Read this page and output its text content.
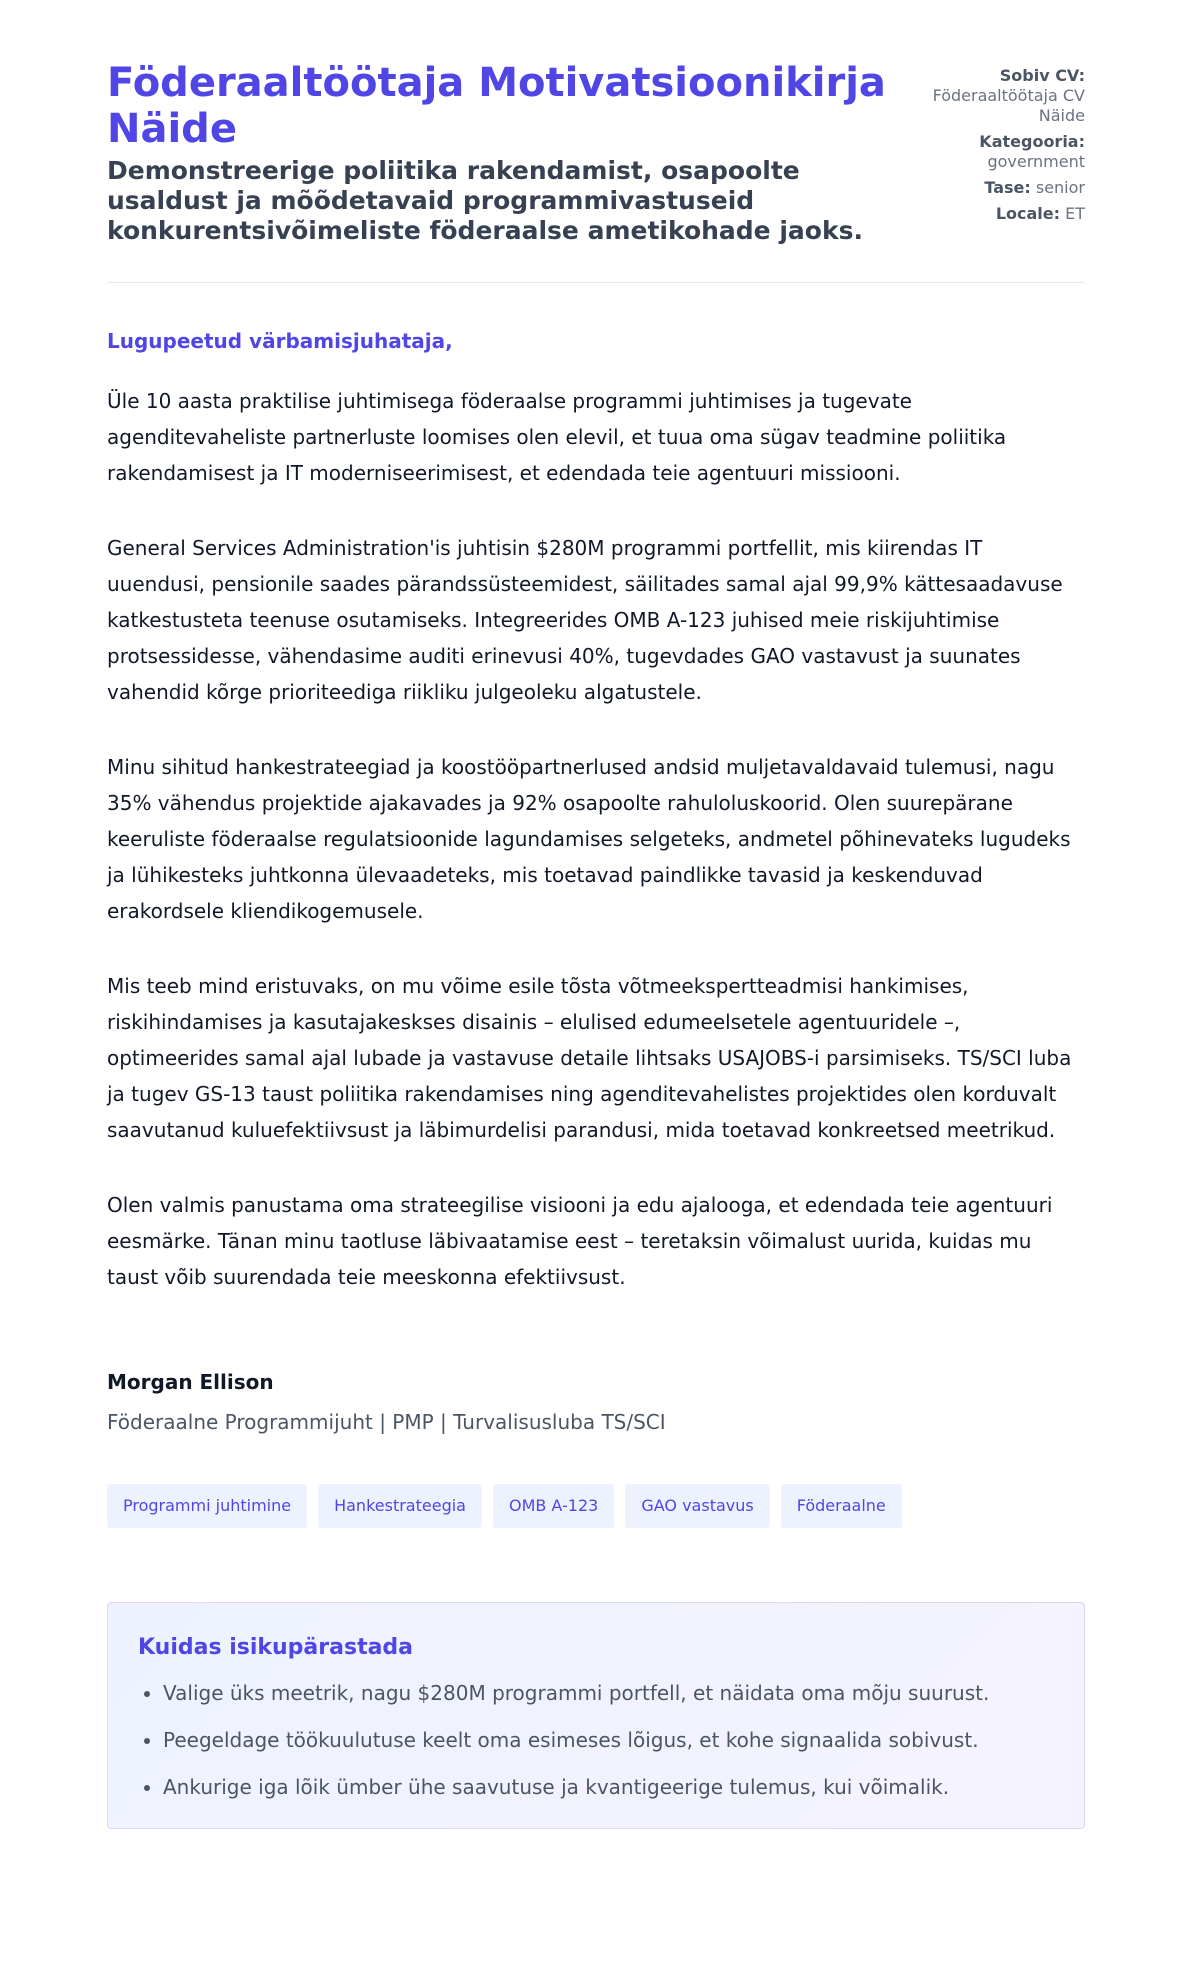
Föderaaltöötaja Motivatsioonikirja Näide
Demonstreerige poliitika rakendamist, osapoolte usaldust ja mõõdetavaid programmivastuseid konkurentsivõimeliste föderaalse ametikohade jaoks.
Sobiv CV:
Föderaaltöötaja CV Näide
Kategooria:
government
Tase: senior
Locale: ET
Lugupeetud värbamisjuhataja,

Üle 10 aasta praktilise juhtimisega föderaalse programmi juhtimises ja tugevate agenditevaheliste partnerluste loomises olen elevil, et tuua oma sügav teadmine poliitika rakendamisest ja IT moderniseerimisest, et edendada teie agentuuri missiooni.

General Services Administration'is juhtisin $280M programmi portfellit, mis kiirendas IT uuendusi, pensionile saades pärandssüsteemidest, säilitades samal ajal 99,9% kättesaadavuse katkestusteta teenuse osutamiseks. Integreerides OMB A-123 juhised meie riskijuhtimise protsessidesse, vähendasime auditi erinevusi 40%, tugevdades GAO vastavust ja suunates vahendid kõrge prioriteediga riikliku julgeoleku algatustele.

Minu sihitud hankestrateegiad ja koostööpartnerlused andsid muljetavaldavaid tulemusi, nagu 35% vähendus projektide ajakavades ja 92% osapoolte rahuloluskoorid. Olen suurepärane keeruliste föderaalse regulatsioonide lagundamises selgeteks, andmetel põhinevateks lugudeks ja lühikesteks juhtkonna ülevaadeteks, mis toetavad paindlikke tavasid ja keskenduvad erakordsele kliendikogemusele.

Mis teeb mind eristuvaks, on mu võime esile tõsta võtmeekspertteadmisi hankimises, riskihindamises ja kasutajakeskses disainis – elulised edumeelsetele agentuuridele –, optimeerides samal ajal lubade ja vastavuse detaile lihtsaks USAJOBS-i parsimiseks. TS/SCI luba ja tugev GS-13 taust poliitika rakendamises ning agenditevahelistes projektides olen korduvalt saavutanud kuluefektiivsust ja läbimurdelisi parandusi, mida toetavad konkreetsed meetrikud.

Olen valmis panustama oma strateegilise visiooni ja edu ajalooga, et edendada teie agentuuri eesmärke. Tänan minu taotluse läbivaatamise eest – teretaksin võimalust uurida, kuidas mu taust võib suurendada teie meeskonna efektiivsust.

Morgan Ellison
Föderaalne Programmijuht | PMP | Turvalisusluba TS/SCI
Programmi juhtimine	Hankestrateegia	OMB A-123	GAO vastavus	Föderaalne
Kuidas isikupärastada
• Valige üks meetrik, nagu $280M programmi portfell, et näidata oma mõju suurust.
• Peegeldage töökuulutuse keelt oma esimeses lõigus, et kohe signaalida sobivust.
• Ankurige iga lõik ümber ühe saavutuse ja kvantigeerige tulemus, kui võimalik.
